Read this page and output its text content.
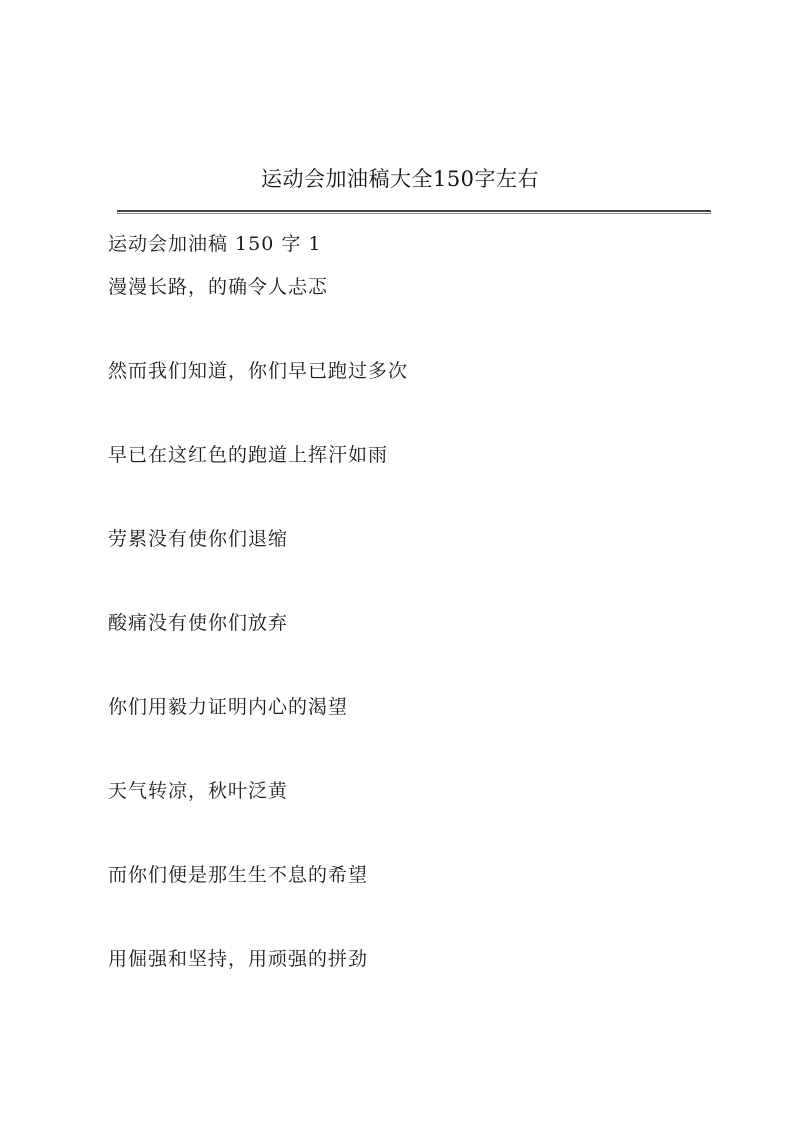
运动会加油稿大全150字左右
运动会加油稿 150 字 1
漫漫长路，的确令人忐忑
然而我们知道，你们早已跑过多次
早已在这红色的跑道上挥汗如雨
劳累没有使你们退缩
酸痛没有使你们放弃
你们用毅力证明内心的渴望
天气转凉，秋叶泛黄
而你们便是那生生不息的希望
用倔强和坚持，用顽强的拼劲
